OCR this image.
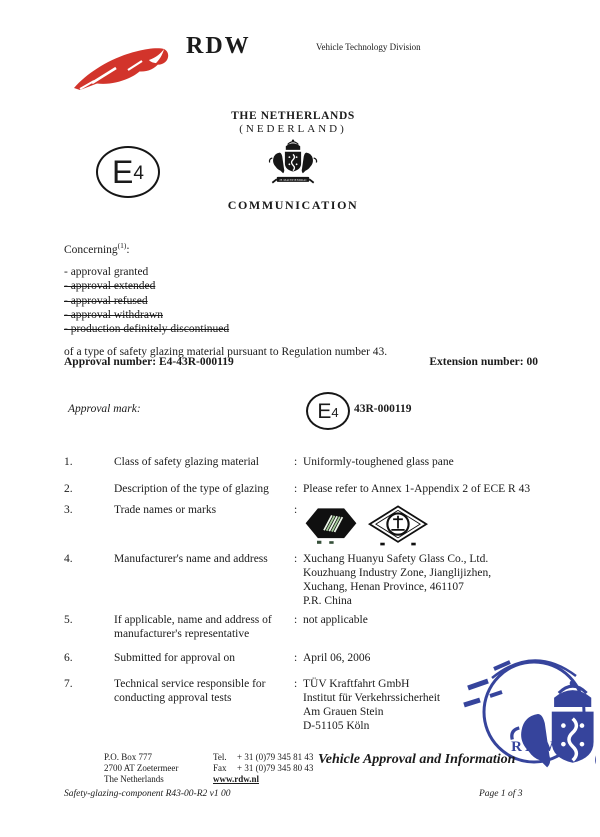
RDW	Vehicle Technology Division
THE NETHERLANDS
(NEDERLAND)
COMMUNICATION
E 4
Concerning$^{(1)}$:
- approval granted
- approval extended
- approval refused
- approval withdrawn
- production definitely discontinued
of a type of safety glazing material pursuant to Regulation number 43.
Approval number: E4-43R-000119	Extension number: 00
Approval mark:	E 4 43R-000119
1.	Class of safety glazing material	: Uniformly-toughened glass pane
2.	Description of the type of glazing	: Please refer to Annex 1-Appendix 2 of ECE R 43
3.	Trade names or marks	:
4.	Manufacturer's name and address	: Xuchang Huanyu Safety Glass Co., Ltd.
Kouzhuang Industry Zone, Jianglijizhen,
Xuchang, Henan Province, 461107
P.R. China
5.	If applicable, name and address of manufacturer's representative
: not applicable
6.	Submitted for approval on	: April 06, 2006
7.	Technical service responsible for conducting approval tests
: TÜV Kraftfahrt GmbH
Institut für Verkehrssicherheit
Am Grauen Stein
D-51105 Köln
RDW
P.O. Box 777
2700 AT Zoetermeer
The Netherlands
Tel. + 31 (0)79 345 81 43
Fax + 31 (0)79 345 80 43
www.rdw.nl
Vehicle Approval and Information
Safety-glazing-component R43-00-R2 v1 00	Page 1 of 3
